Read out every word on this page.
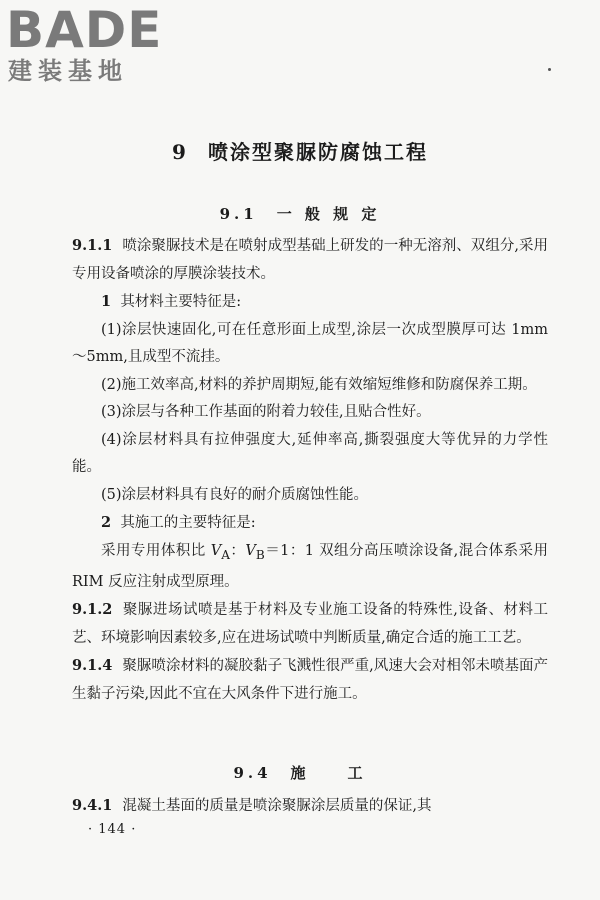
BADE
建装基地
9 喷涂型聚脲防腐蚀工程
9.1　一 般 规 定

9.1.1 喷涂聚脲技术是在喷射成型基础上研发的一种无溶剂、双组分,采用专用设备喷涂的厚膜涂装技术。

1 其材料主要特征是:

(1)涂层快速固化,可在任意形面上成型,涂层一次成型膜厚可达 1mm～5mm,且成型不流挂。

(2)施工效率高,材料的养护周期短,能有效缩短维修和防腐保养工期。

(3)涂层与各种工作基面的附着力较佳,且贴合性好。

(4)涂层材料具有拉伸强度大,延伸率高,撕裂强度大等优异的力学性能。

(5)涂层材料具有良好的耐介质腐蚀性能。

2 其施工的主要特征是:

采用专用体积比 $V_A$：$V_B=1$：1 双组分高压喷涂设备,混合体系采用 RIM 反应注射成型原理。

9.1.2 聚脲进场试喷是基于材料及专业施工设备的特殊性,设备、材料工艺、环境影响因素较多,应在进场试喷中判断质量,确定合适的施工工艺。

9.1.4 聚脲喷涂材料的凝胶黏子飞溅性很严重,风速大会对相邻未喷基面产生黏子污染,因此不宜在大风条件下进行施工。

9.4　施　　工

9.4.1 混凝土基面的质量是喷涂聚脲涂层质量的保证,其

· 144 ·
